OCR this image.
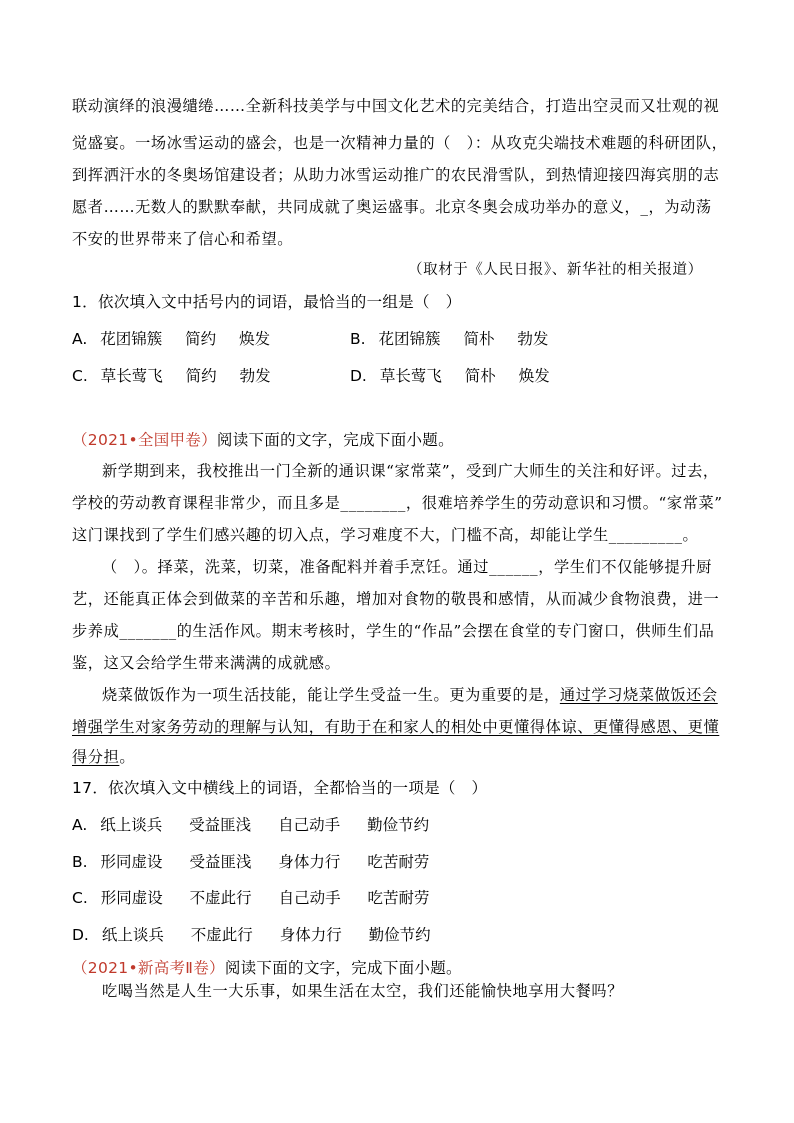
联动演绎的浪漫缱绻……全新科技美学与中国文化艺术的完美结合，打造出空灵而又壮观的视
觉盛宴。一场冰雪运动的盛会，也是一次精神力量的（　）：从攻克尖端技术难题的科研团队，
到挥洒汗水的冬奥场馆建设者；从助力冰雪运动推广的农民滑雪队，到热情迎接四海宾朋的志
愿者……无数人的默默奉献，共同成就了奥运盛事。北京冬奥会成功举办的意义，_，为动荡
不安的世界带来了信心和希望。
（取材于《人民日报》、新华社的相关报道）
1．依次填入文中括号内的词语，最恰当的一组是（　）
A. 花团锦簇 简约 焕发	B. 花团锦簇 简朴 勃发
C. 草长莺飞 简约 勃发	D. 草长莺飞 简朴 焕发
（2021•全国甲卷）阅读下面的文字，完成下面小题。
新学期到来，我校推出一门全新的通识课“家常菜”，受到广大师生的关注和好评。过去，
学校的劳动教育课程非常少，而且多是________，很难培养学生的劳动意识和习惯。“家常菜”
这门课找到了学生们感兴趣的切入点，学习难度不大，门槛不高，却能让学生_________。
（　）。择菜，洗菜，切菜，准备配料并着手烹饪。通过______，学生们不仅能够提升厨
艺，还能真正体会到做菜的辛苦和乐趣，增加对食物的敬畏和感情，从而减少食物浪费，进一
步养成_______的生活作风。期末考核时，学生的“作品”会摆在食堂的专门窗口，供师生们品
鉴，这又会给学生带来满满的成就感。
烧菜做饭作为一项生活技能，能让学生受益一生。更为重要的是，通过学习烧菜做饭还会
增强学生对家务劳动的理解与认知，有助于在和家人的相处中更懂得体谅、更懂得感恩、更懂
得分担。
17．依次填入文中横线上的词语，全都恰当的一项是（　）
A. 纸上谈兵 受益匪浅 自己动手 勤俭节约
B. 形同虚设 受益匪浅 身体力行 吃苦耐劳
C. 形同虚设 不虚此行 自己动手 吃苦耐劳
D. 纸上谈兵 不虚此行 身体力行 勤俭节约
（2021•新高考Ⅱ卷）阅读下面的文字，完成下面小题。
吃喝当然是人生一大乐事，如果生活在太空，我们还能愉快地享用大餐吗？
